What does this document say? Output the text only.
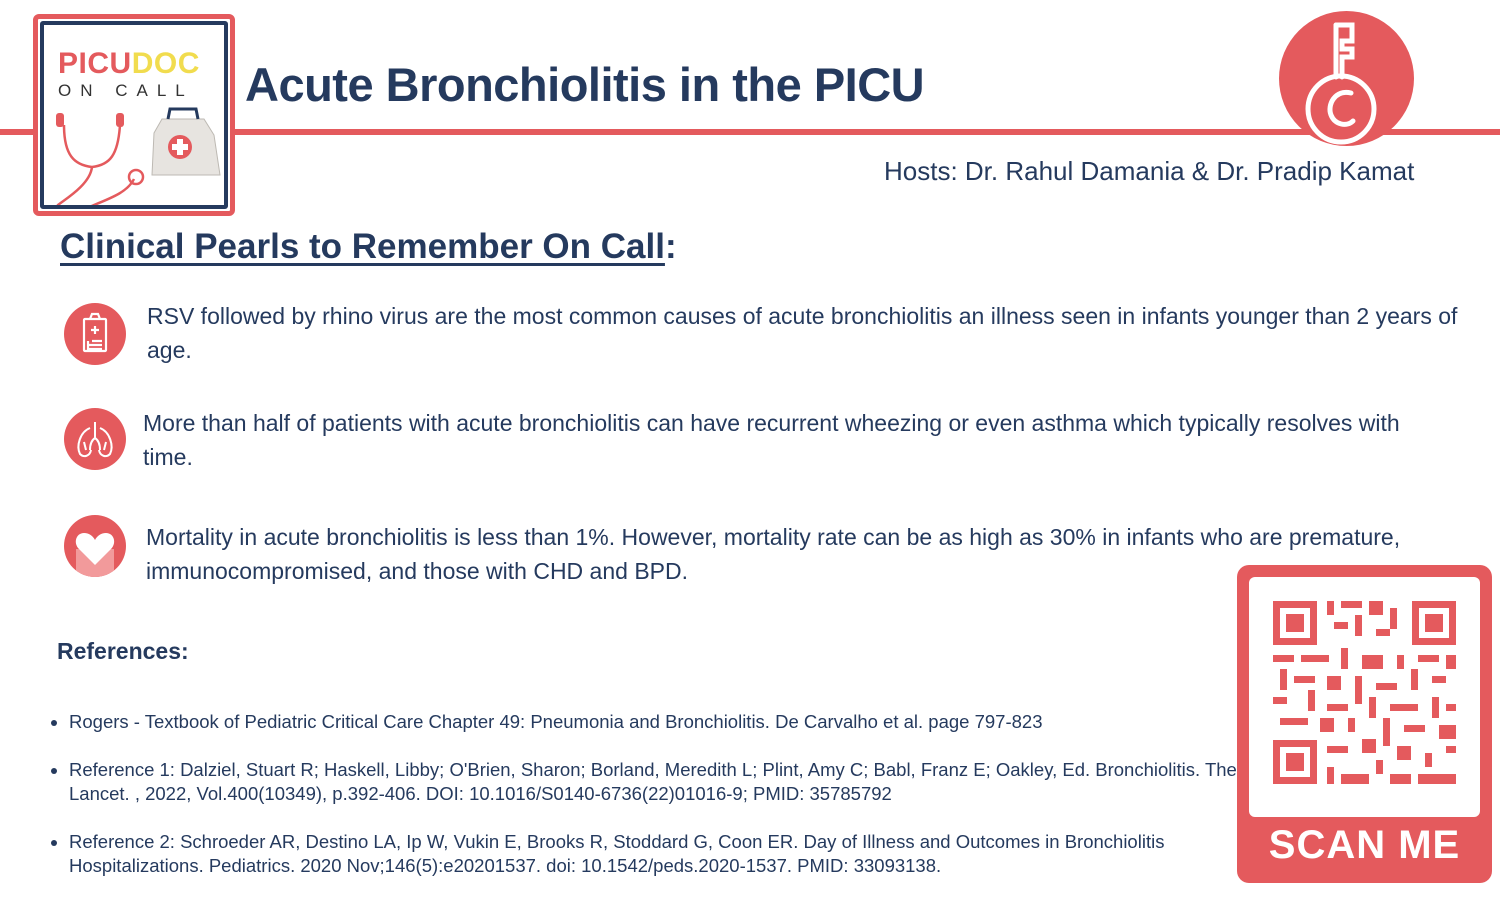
PICUDOC
ON CALL Acute Bronchiolitis in the PICU
Hosts: Dr. Rahul Damania & Dr. Pradip Kamat
Clinical Pearls to Remember On Call:
RSV followed by rhino virus are the most common causes of acute bronchiolitis an illness seen in infants younger than 2 years of age.
More than half of patients with acute bronchiolitis can have recurrent wheezing or even asthma which typically resolves with time.
Mortality in acute bronchiolitis is less than 1%. However, mortality rate can be as high as 30% in infants who are premature, immunocompromised, and those with CHD and BPD.
References:
• Rogers - Textbook of Pediatric Critical Care Chapter 49: Pneumonia and Bronchiolitis. De Carvalho et al. page 797-823
• Reference 1: Dalziel, Stuart R; Haskell, Libby; O'Brien, Sharon; Borland, Meredith L; Plint, Amy C; Babl, Franz E; Oakley, Ed. Bronchiolitis. The Lancet. , 2022, Vol.400(10349), p.392-406. DOI: 10.1016/S0140-6736(22)01016-9; PMID: 35785792
• Reference 2: Schroeder AR, Destino LA, Ip W, Vukin E, Brooks R, Stoddard G, Coon ER. Day of Illness and Outcomes in Bronchiolitis Hospitalizations. Pediatrics. 2020 Nov;146(5):e20201537. doi: 10.1542/peds.2020-1537. PMID: 33093138.	SCAN ME
